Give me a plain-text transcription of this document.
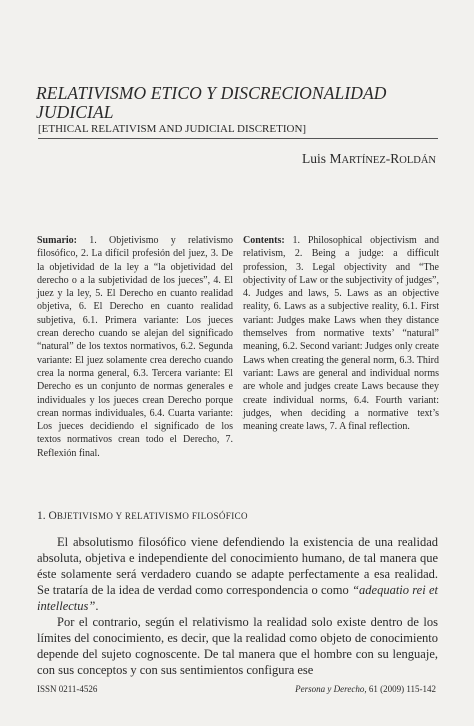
RELATIVISMO ETICO Y DISCRECIONALIDAD
JUDICIAL
[ETHICAL RELATIVISM AND JUDICIAL DISCRETION]
Luis MARTÍNEZ-ROLDÁN

Sumario: 1. Objetivismo y relativismo filosófico, 2. La difícil profesión del juez, 3. De la objetividad de la ley a “la objetividad del derecho o a la subjetividad de los jueces”, 4. El juez y la ley, 5. El Derecho en cuanto realidad objetiva, 6. El Derecho en cuanto realidad subjetiva, 6.1. Primera variante: Los jueces crean derecho cuando se alejan del significado “natural” de los textos normativos, 6.2. Segunda variante: El juez solamente crea derecho cuando crea la norma general, 6.3. Tercera variante: El Derecho es un conjunto de normas generales e individuales y los jueces crean Derecho porque crean normas individuales, 6.4. Cuarta variante: Los jueces decidiendo el significado de los textos normativos crean todo el Derecho, 7. Reflexión final.

Contents: 1. Philosophical objectivism and relativism, 2. Being a judge: a difficult profession, 3. Legal objectivity and “The objectivity of Law or the subjectivity of judges”, 4. Judges and laws, 5. Laws as an objective reality, 6. Laws as a subjective reality, 6.1. First variant: Judges make Laws when they distance themselves from normative texts’ “natural” meaning, 6.2. Second variant: Judges only create Laws when creating the general norm, 6.3. Third variant: Laws are general and individual norms are whole and judges create Laws because they create individual norms, 6.4. Fourth variant: judges, when deciding a normative text’s meaning create laws, 7. A final reflection.

1. OBJETIVISMO Y RELATIVISMO FILOSÓFICO

El absolutismo filosófico viene defendiendo la existencia de una realidad absoluta, objetiva e independiente del conocimiento humano, de tal manera que éste solamente será verdadero cuando se adapte perfectamente a esa realidad. Se trataría de la idea de verdad como correspondencia o como “adequatio rei et intellectus”.

Por el contrario, según el relativismo la realidad solo existe dentro de los límites del conocimiento, es decir, que la realidad como objeto de conocimiento depende del sujeto cognoscente. De tal manera que el hombre con su lenguaje, con sus conceptos y con sus sentimientos configura ese

ISSN 0211-4526	Persona y Derecho, 61 (2009) 115-142
